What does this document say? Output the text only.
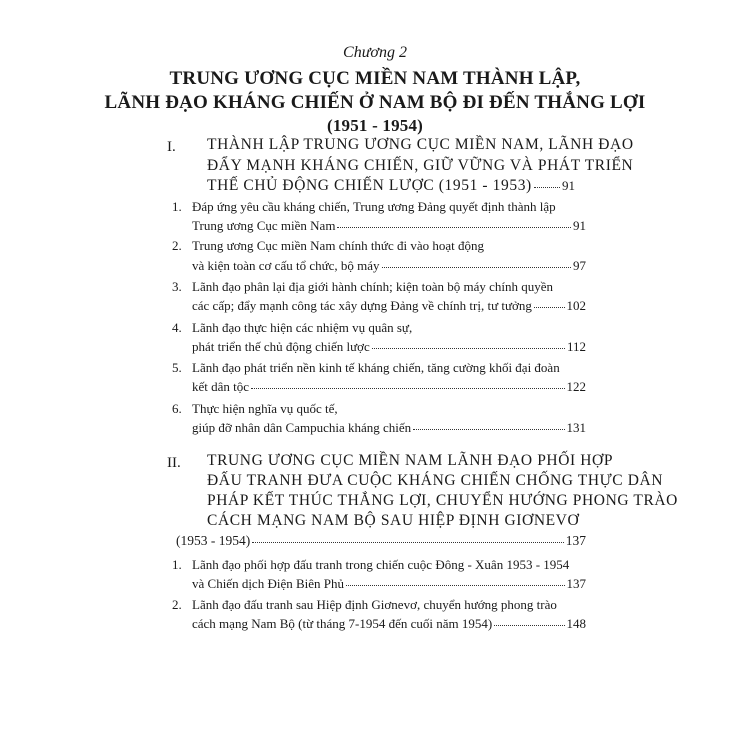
Chương 2
TRUNG ƯƠNG CỤC MIỀN NAM THÀNH LẬP,
LÃNH ĐẠO KHÁNG CHIẾN Ở NAM BỘ ĐI ĐẾN THẮNG LỢI
(1951 - 1954)
I. THÀNH LẬP TRUNG ƯƠNG CỤC MIỀN NAM, LÃNH ĐẠO
ĐẨY MẠNH KHÁNG CHIẾN, GIỮ VỮNG VÀ PHÁT TRIỂN
THẾ CHỦ ĐỘNG CHIẾN LƯỢC (1951 - 1953) 91
1. Đáp ứng yêu cầu kháng chiến, Trung ương Đảng quyết định thành lập
Trung ương Cục miền Nam	91
2. Trung ương Cục miền Nam chính thức đi vào hoạt động
và kiện toàn cơ cấu tổ chức, bộ máy	97
3. Lãnh đạo phân lại địa giới hành chính; kiện toàn bộ máy chính quyền
các cấp; đẩy mạnh công tác xây dựng Đảng về chính trị, tư tưởng	102
4. Lãnh đạo thực hiện các nhiệm vụ quân sự,
phát triển thế chủ động chiến lược	112
5. Lãnh đạo phát triển nền kinh tế kháng chiến, tăng cường khối đại đoàn
kết dân tộc	122
6. Thực hiện nghĩa vụ quốc tế,
giúp đỡ nhân dân Campuchia kháng chiến	131
II. TRUNG ƯƠNG CỤC MIỀN NAM LÃNH ĐẠO PHỐI HỢP
ĐẤU TRANH ĐƯA CUỘC KHÁNG CHIẾN CHỐNG THỰC DÂN
PHÁP KẾT THÚC THẮNG LỢI, CHUYỂN HƯỚNG PHONG TRÀO
CÁCH MẠNG NAM BỘ SAU HIỆP ĐỊNH GIƠNEVƠ
(1953 - 1954)	137
1. Lãnh đạo phối hợp đấu tranh trong chiến cuộc Đông - Xuân 1953 - 1954
và Chiến dịch Điện Biên Phủ	137
2. Lãnh đạo đấu tranh sau Hiệp định Giơnevơ, chuyển hướng phong trào
cách mạng Nam Bộ (từ tháng 7-1954 đến cuối năm 1954)	148
